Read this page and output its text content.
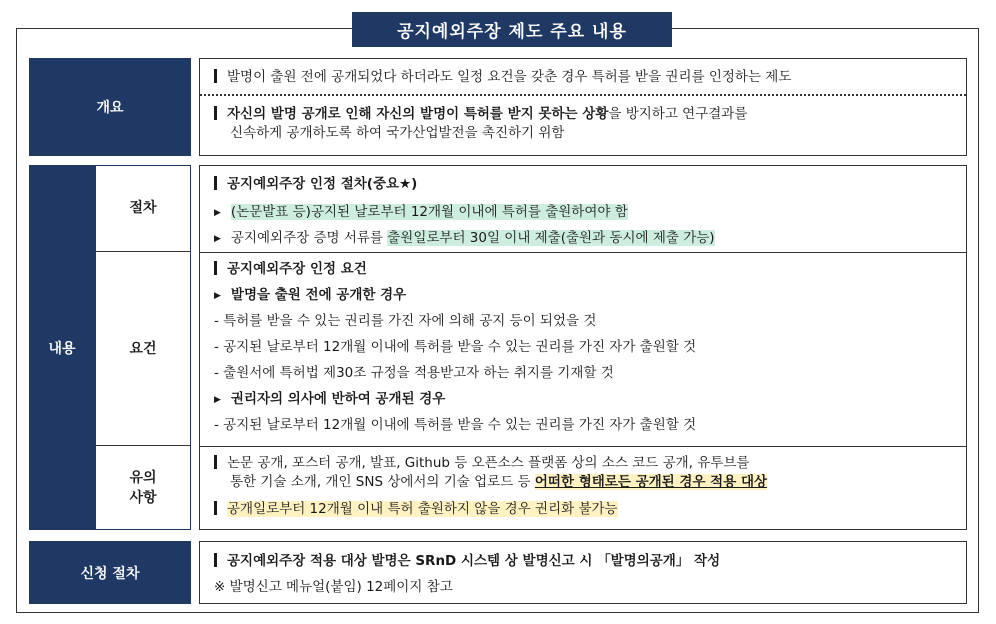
공지예외주장 제도 주요 내용
개요
발명이 출원 전에 공개되었다 하더라도 일정 요건을 갖춘 경우 특허를 받을 권리를 인정하는 제도
자신의 발명 공개로 인해 자신의 발명이 특허를 받지 못하는 상황을 방지하고 연구결과를
신속하게 공개하도록 하여 국가산업발전을 촉진하기 위함
내용
절차
요건
유의
사항
공지예외주장 인정 절차(중요★)
▶ (논문발표 등)공지된 날로부터 12개월 이내에 특허를 출원하여야 함
▶ 공지예외주장 증명 서류를 출원일로부터 30일 이내 제출(출원과 동시에 제출 가능)
공지예외주장 인정 요건
▶ 발명을 출원 전에 공개한 경우
- 특허를 받을 수 있는 권리를 가진 자에 의해 공지 등이 되었을 것
- 공지된 날로부터 12개월 이내에 특허를 받을 수 있는 권리를 가진 자가 출원할 것
- 출원서에 특허법 제30조 규정을 적용받고자 하는 취지를 기재할 것
▶ 권리자의 의사에 반하여 공개된 경우
- 공지된 날로부터 12개월 이내에 특허를 받을 수 있는 권리를 가진 자가 출원할 것
논문 공개, 포스터 공개, 발표, Github 등 오픈소스 플랫폼 상의 소스 코드 공개, 유투브를
통한 기술 소개, 개인 SNS 상에서의 기술 업로드 등 어떠한 형태로든 공개된 경우 적용 대상
공개일로부터 12개월 이내 특허 출원하지 않을 경우 권리화 불가능
신청 절차
공지예외주장 적용 대상 발명은 SRnD 시스템 상 발명신고 시 「발명의공개」 작성
※ 발명신고 메뉴얼(붙임) 12페이지 참고
